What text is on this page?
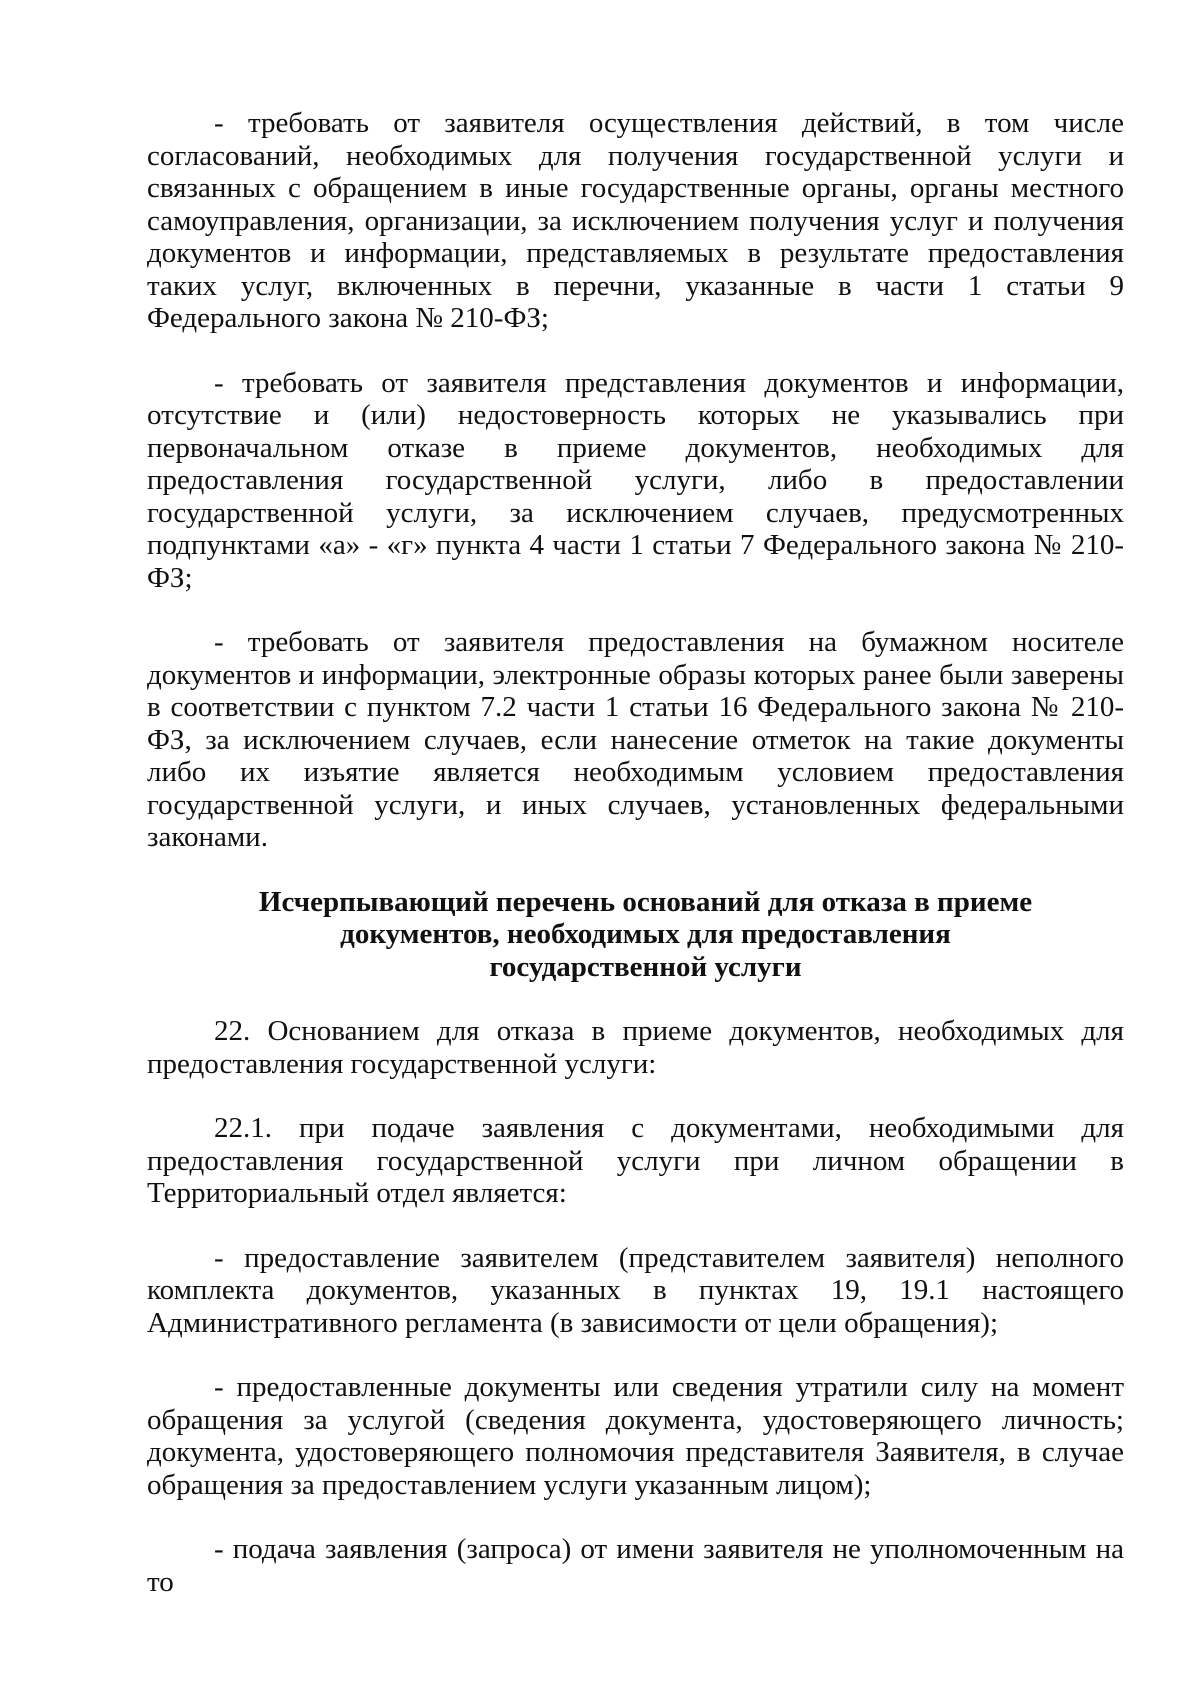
- требовать от заявителя осуществления действий, в том числе согласований, необходимых для получения государственной услуги и связанных с обращением в иные государственные органы, органы местного самоуправления, организации, за исключением получения услуг и получения документов и информации, представляемых в результате предоставления таких услуг, включенных в перечни, указанные в части 1 статьи 9 Федерального закона № 210-ФЗ;

- требовать от заявителя представления документов и информации, отсутствие и (или) недостоверность которых не указывались при первоначальном отказе в приеме документов, необходимых для предоставления государственной услуги, либо в предоставлении государственной услуги, за исключением случаев, предусмотренных подпунктами «а» - «г» пункта 4 части 1 статьи 7 Федерального закона № 210-ФЗ;

- требовать от заявителя предоставления на бумажном носителе документов и информации, электронные образы которых ранее были заверены в соответствии с пунктом 7.2 части 1 статьи 16 Федерального закона № 210-ФЗ, за исключением случаев, если нанесение отметок на такие документы либо их изъятие является необходимым условием предоставления государственной услуги, и иных случаев, установленных федеральными законами.

Исчерпывающий перечень оснований для отказа в приеме
документов, необходимых для предоставления
государственной услуги

22. Основанием для отказа в приеме документов, необходимых для предоставления государственной услуги:

22.1. при подаче заявления с документами, необходимыми для предоставления государственной услуги при личном обращении в Территориальный отдел является:

- предоставление заявителем (представителем заявителя) неполного комплекта документов, указанных в пунктах 19, 19.1 настоящего Административного регламента (в зависимости от цели обращения);

- предоставленные документы или сведения утратили силу на момент обращения за услугой (сведения документа, удостоверяющего личность; документа, удостоверяющего полномочия представителя Заявителя, в случае обращения за предоставлением услуги указанным лицом);

- подача заявления (запроса) от имени заявителя не уполномоченным на то
